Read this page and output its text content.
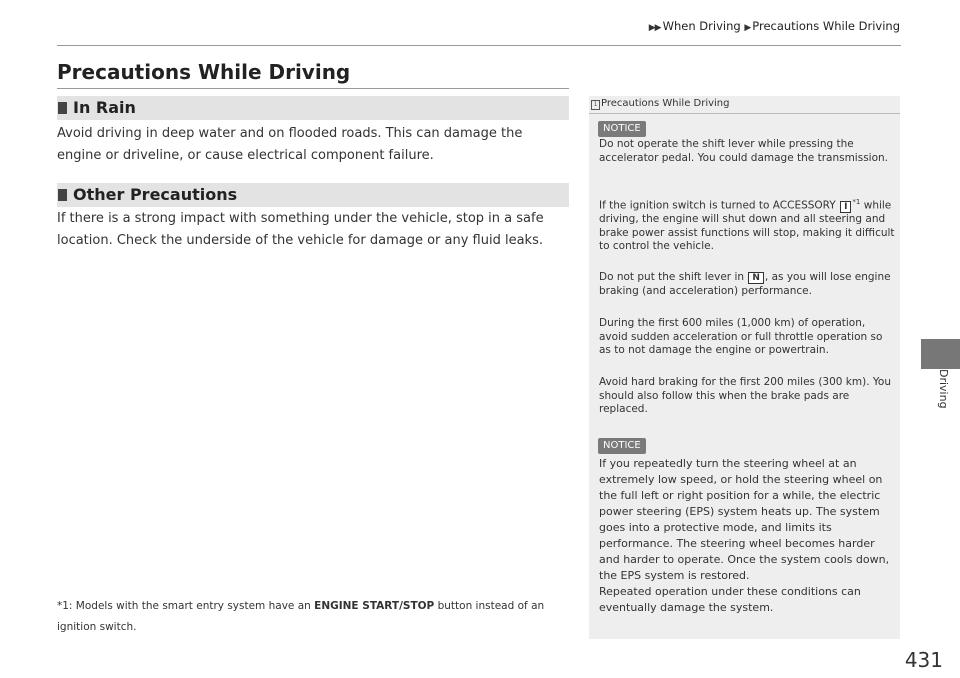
▶▶ When Driving ▶ Precautions While Driving
Precautions While Driving
In Rain

Avoid driving in deep water and on flooded roads. This can damage the engine or driveline, or cause electrical component failure.

Other Precautions

If there is a strong impact with something under the vehicle, stop in a safe location. Check the underside of the vehicle for damage or any fluid leaks.

*1: Models with the smart entry system have an ENGINE START/STOP button instead of an ignition switch.

1 Precautions While Driving
NOTICE

Do not operate the shift lever while pressing the accelerator pedal. You could damage the transmission.

If the ignition switch is turned to ACCESSORY I $^{*1}$ while driving, the engine will shut down and all steering and brake power assist functions will stop, making it difficult to control the vehicle.

Do not put the shift lever in N , as you will lose engine braking (and acceleration) performance.

During the first 600 miles (1,000 km) of operation, avoid sudden acceleration or full throttle operation so as to not damage the engine or powertrain.

Avoid hard braking for the first 200 miles (300 km). You should also follow this when the brake pads are replaced.

NOTICE

If you repeatedly turn the steering wheel at an extremely low speed, or hold the steering wheel on the full left or right position for a while, the electric power steering (EPS) system heats up. The system goes into a protective mode, and limits its performance. The steering wheel becomes harder and harder to operate. Once the system cools down, the EPS system is restored.

Repeated operation under these conditions can eventually damage the system.

Driving
431
